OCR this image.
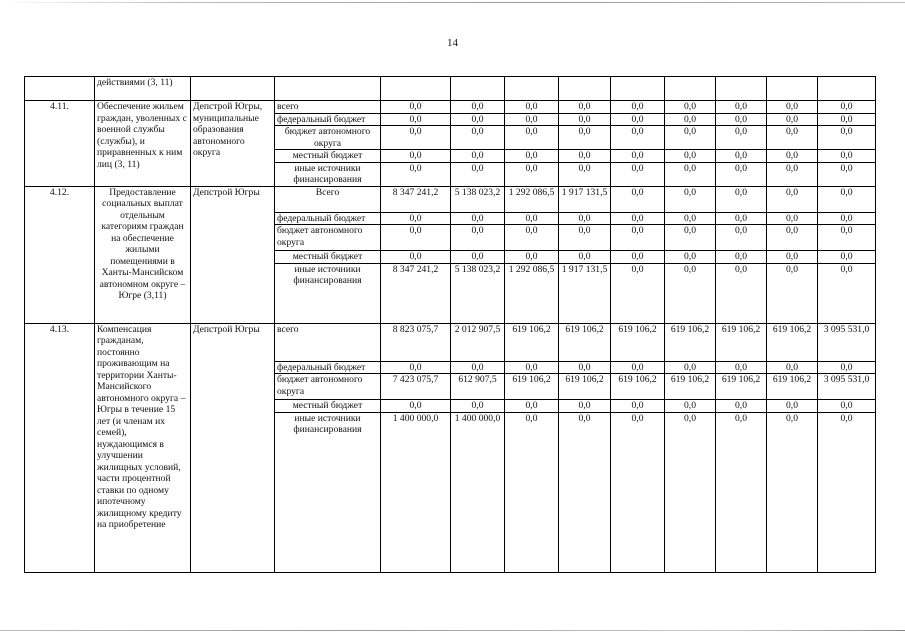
14
	действиями (3, 11)											
4.11.	Обеспечение жильем граждан, уволенных с военной службы (службы), и приравненных к ним лиц (3, 11)	Депстрой Югры, муниципальные образования автономного округа	всего	0,0	0,0	0,0	0,0	0,0	0,0	0,0	0,0	0,0
			федеральный бюджет	0,0	0,0	0,0	0,0	0,0	0,0	0,0	0,0	0,0
			бюджет автономного округа	0,0	0,0	0,0	0,0	0,0	0,0	0,0	0,0	0,0
			местный бюджет	0,0	0,0	0,0	0,0	0,0	0,0	0,0	0,0	0,0
			иные источники финансирования	0,0	0,0	0,0	0,0	0,0	0,0	0,0	0,0	0,0
4.12.	Предоставление социальных выплат отдельным категориям граждан на обеспечение жилыми помещениями в Ханты-Мансийском автономном округе – Югре (3,11)	Депстрой Югры	Всего	8 347 241,2	5 138 023,2	1 292 086,5	1 917 131,5	0,0	0,0	0,0	0,0	0,0
			федеральный бюджет	0,0	0,0	0,0	0,0	0,0	0,0	0,0	0,0	0,0
			бюджет автономного округа	0,0	0,0	0,0	0,0	0,0	0,0	0,0	0,0	0,0
			местный бюджет	0,0	0,0	0,0	0,0	0,0	0,0	0,0	0,0	0,0
			иные источники финансирования	8 347 241,2	5 138 023,2	1 292 086,5	1 917 131,5	0,0	0,0	0,0	0,0	0,0
4.13.	Компенсация гражданам, постоянно проживающим на территории Ханты-Мансийского автономного округа – Югры в течение 15 лет (и членам их семей), нуждающимся в улучшении жилищных условий, части процентной ставки по одному ипотечному жилищному кредиту на приобретение	Депстрой Югры	всего	8 823 075,7	2 012 907,5	619 106,2	619 106,2	619 106,2	619 106,2	619 106,2	619 106,2	3 095 531,0
			федеральный бюджет	0,0	0,0	0,0	0,0	0,0	0,0	0,0	0,0	0,0
			бюджет автономного округа	7 423 075,7	612 907,5	619 106,2	619 106,2	619 106,2	619 106,2	619 106,2	619 106,2	3 095 531,0
			местный бюджет	0,0	0,0	0,0	0,0	0,0	0,0	0,0	0,0	0,0
			иные источники финансирования	1 400 000,0	1 400 000,0	0,0	0,0	0,0	0,0	0,0	0,0	0,0
